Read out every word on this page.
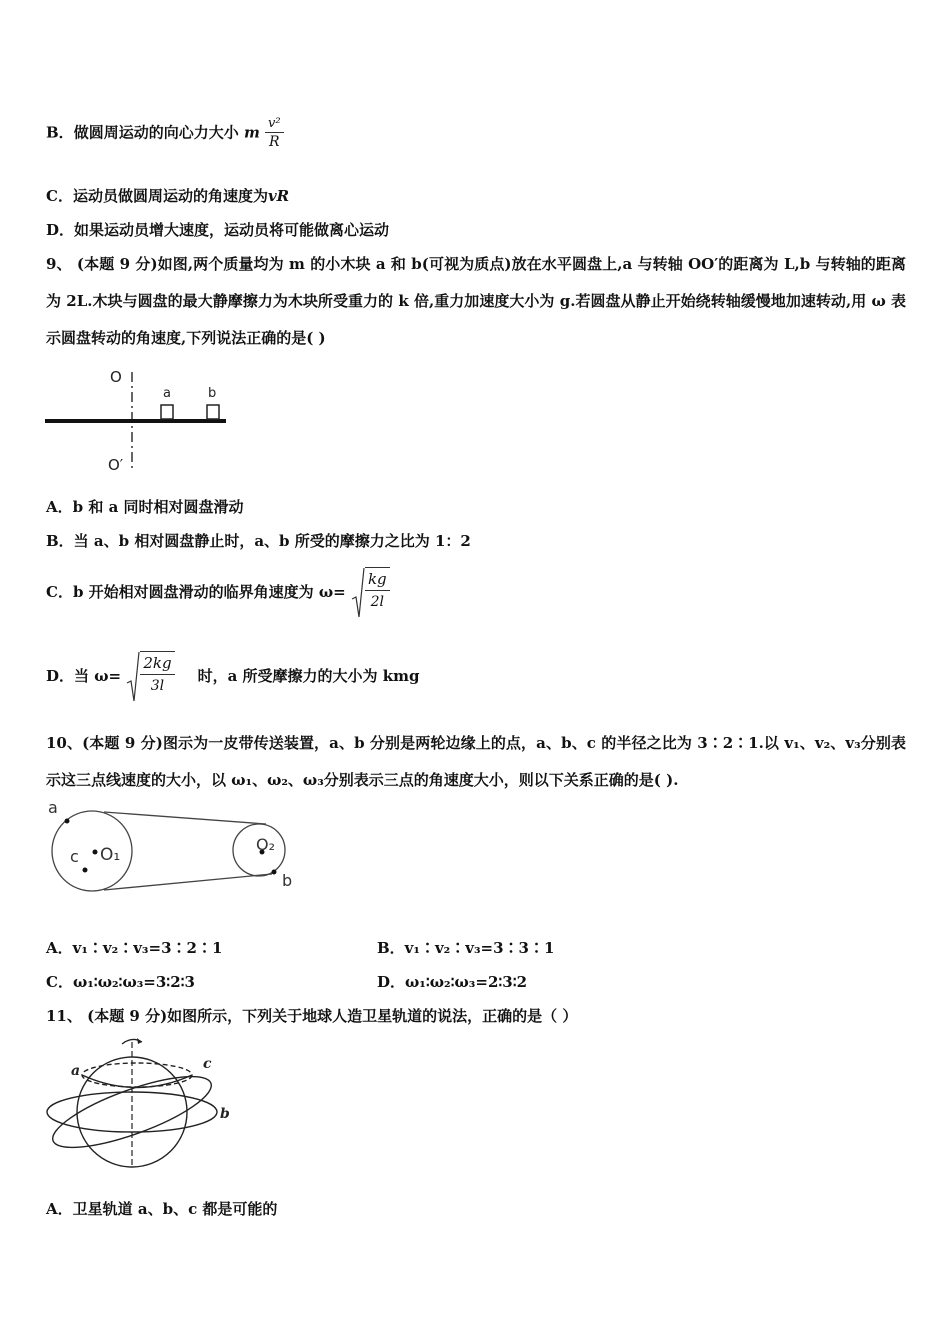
B．做圆周运动的向心力大小 m $\frac{\text{v²}}{R}$
C．运动员做圆周运动的角速度为vR
D．如果运动员增大速度，运动员将可能做离心运动
9、 (本题 9 分)如图,两个质量均为 m 的小木块 a 和 b(可视为质点)放在水平圆盘上,a 与转轴 OO′的距离为 L,b 与转轴的距离为 2L.木块与圆盘的最大静摩擦力为木块所受重力的 k 倍,重力加速度大小为 g.若圆盘从静止开始绕转轴缓慢地加速转动,用 ω 表示圆盘转动的角速度,下列说法正确的是( )
O
a	b
O′
A．b 和 a 同时相对圆盘滑动
B．当 a、b 相对圆盘静止时，a、b 所受的摩擦力之比为 1：2
C．b 开始相对圆盘滑动的临界角速度为 $\omega= \frac{kg}{2l}$
D．当 $\omega= \frac{2kg}{3l}$ 时，a 所受摩擦力的大小为 kmg
10、(本题 9 分)图示为一皮带传送装置，a、b 分别是两轮边缘上的点，a、b、c 的半径之比为 3∶2∶1.以 v₁、v₂、v₃分别表示这三点线速度的大小，以 ω₁、ω₂、ω₃分别表示三点的角速度大小，则以下关系正确的是( ).
a
c O₁
O₂
b
A．v₁∶v₂∶v₃=3∶2∶1	B．v₁∶v₂∶v₃=3∶3∶1
C．ω₁∶ω₂∶ω₃=3∶2∶3	D．ω₁∶ω₂∶ω₃=2∶3∶2
11、 (本题 9 分)如图所示，下列关于地球人造卫星轨道的说法，正确的是（ ）
a
b
c
A．卫星轨道 a、b、c 都是可能的
